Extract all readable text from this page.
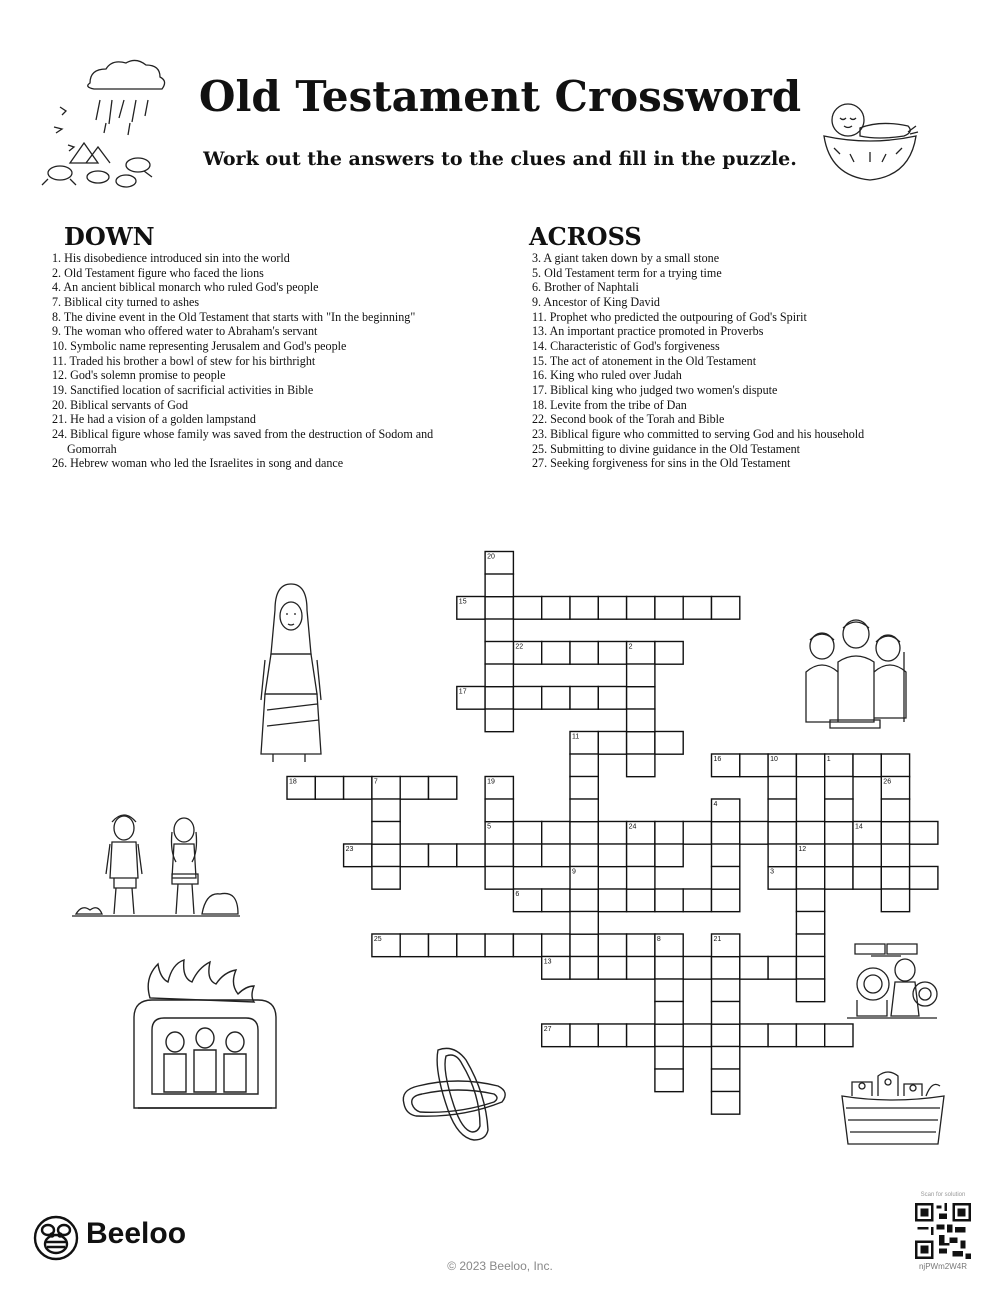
Old Testament Crossword

Work out the answers to the clues and fill in the puzzle.

DOWN	ACROSS
1. His disobedience introduced sin into the world
2. Old Testament figure who faced the lions
4. An ancient biblical monarch who ruled God's people
7. Biblical city turned to ashes
8. The divine event in the Old Testament that starts with "In the beginning"
9. The woman who offered water to Abraham's servant
10. Symbolic name representing Jerusalem and God's people
11. Traded his brother a bowl of stew for his birthright
12. God's solemn promise to people
19. Sanctified location of sacrificial activities in Bible
20. Biblical servants of God
21. He had a vision of a golden lampstand
24. Biblical figure whose family was saved from the destruction of Sodom and Gomorrah
26. Hebrew woman who led the Israelites in song and dance
3. A giant taken down by a small stone
5. Old Testament term for a trying time
6. Brother of Naphtali
9. Ancestor of King David
11. Prophet who predicted the outpouring of God's Spirit
13. An important practice promoted in Proverbs
14. Characteristic of God's forgiveness
15. The act of atonement in the Old Testament
16. King who ruled over Judah
17. Biblical king who judged two women's dispute
18. Levite from the tribe of Dan
22. Second book of the Torah and Bible
23. Biblical figure who committed to serving God and his household
25. Submitting to divine guidance in the Old Testament
27. Seeking forgiveness for sins in the Old Testament
15
22
17
11
16
18
5
23
3
6
25
13
27
20
2
19
7
10	1
4
26
24	14
12
9
8	21
Beeloo
© 2023 Beeloo, Inc.
Scan for solution
njPWm2W4R
